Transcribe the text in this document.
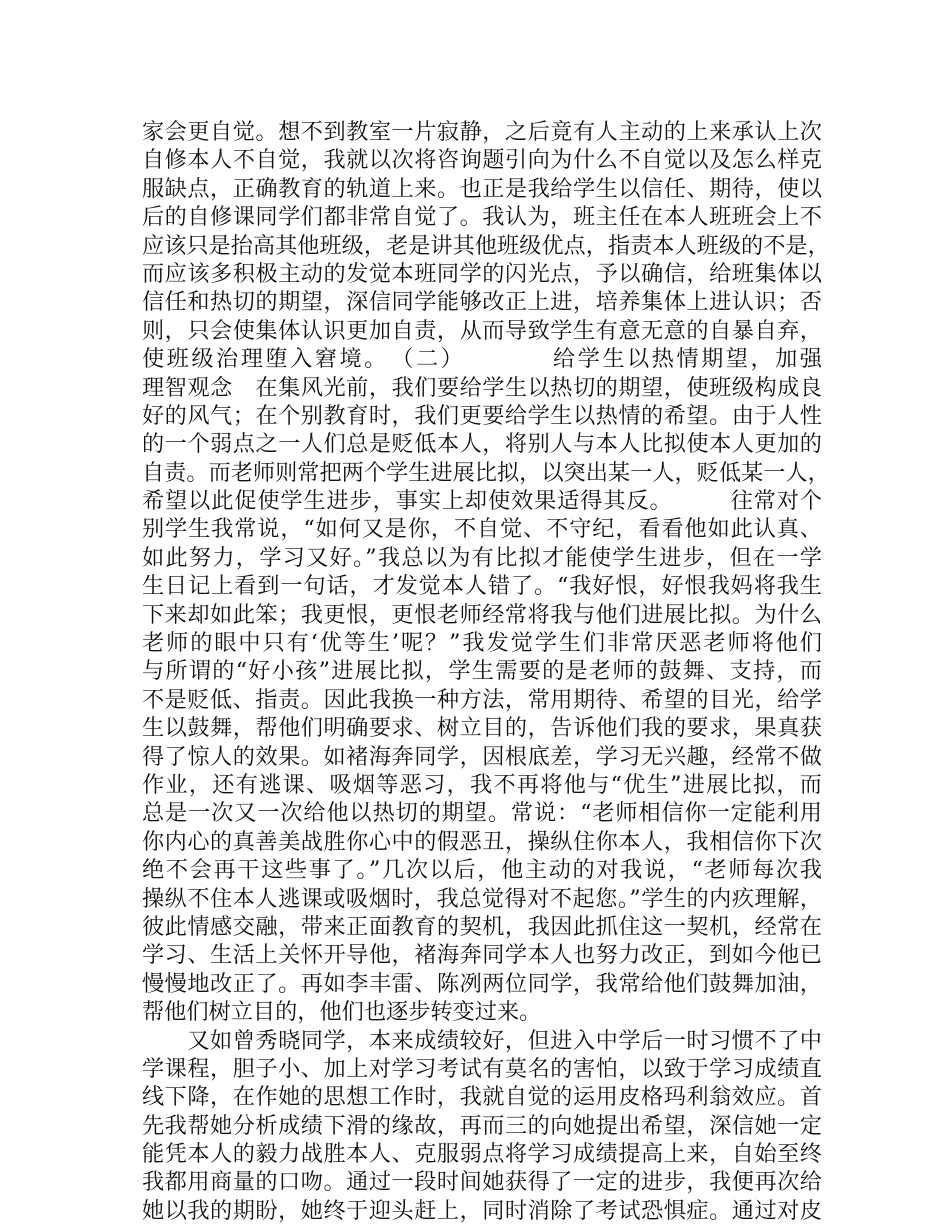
家会更自觉。想不到教室一片寂静，之后竟有人主动的上来承认上次
自修本人不自觉，我就以次将咨询题引向为什么不自觉以及怎么样克
服缺点，正确教育的轨道上来。也正是我给学生以信任、期待，使以
后的自修课同学们都非常自觉了。我认为，班主任在本人班班会上不
应该只是抬高其他班级，老是讲其他班级优点，指责本人班级的不是，
而应该多积极主动的发觉本班同学的闪光点，予以确信，给班集体以
信任和热切的期望，深信同学能够改正上进，培养集体上进认识；否
则，只会使集体认识更加自责，从而导致学生有意无意的自暴自弃，
使班级治理堕入窘境。　（二）　　　　给学生以热情期望，加强
理智观念　在集风光前，我们要给学生以热切的期望，使班级构成良
好的风气；在个别教育时，我们更要给学生以热情的希望。由于人性
的一个弱点之一人们总是贬低本人，将别人与本人比拟使本人更加的
自责。而老师则常把两个学生进展比拟，以突出某一人，贬低某一人，
希望以此促使学生进步，事实上却使效果适得其反。　　　往常对个
别学生我常说，“如何又是你，不自觉、不守纪，看看他如此认真、
如此努力，学习又好。”我总以为有比拟才能使学生进步，但在一学
生日记上看到一句话，才发觉本人错了。“我好恨，好恨我妈将我生
下来却如此笨；我更恨，更恨老师经常将我与他们进展比拟。为什么
老师的眼中只有‘优等生’呢？”我发觉学生们非常厌恶老师将他们
与所谓的“好小孩”进展比拟，学生需要的是老师的鼓舞、支持，而
不是贬低、指责。因此我换一种方法，常用期待、希望的目光，给学
生以鼓舞，帮他们明确要求、树立目的，告诉他们我的要求，果真获
得了惊人的效果。如褚海奔同学，因根底差，学习无兴趣，经常不做
作业，还有逃课、吸烟等恶习，我不再将他与“优生”进展比拟，而
总是一次又一次给他以热切的期望。常说：“老师相信你一定能利用
你内心的真善美战胜你心中的假恶丑，操纵住你本人，我相信你下次
绝不会再干这些事了。”几次以后，他主动的对我说，“老师每次我
操纵不住本人逃课或吸烟时，我总觉得对不起您。”学生的内疚理解，
彼此情感交融，带来正面教育的契机，我因此抓住这一契机，经常在
学习、生活上关怀开导他，褚海奔同学本人也努力改正，到如今他已
慢慢地改正了。再如李丰雷、陈冽两位同学，我常给他们鼓舞加油，
帮他们树立目的，他们也逐步转变过来。
　　又如曾秀晓同学，本来成绩较好，但进入中学后一时习惯不了中
学课程，胆子小、加上对学习考试有莫名的害怕，以致于学习成绩直
线下降，在作她的思想工作时，我就自觉的运用皮格玛利翁效应。首
先我帮她分析成绩下滑的缘故，再而三的向她提出希望，深信她一定
能凭本人的毅力战胜本人、克服弱点将学习成绩提高上来，自始至终
我都用商量的口吻。通过一段时间她获得了一定的进步，我便再次给
她以我的期盼，她终于迎头赶上，同时消除了考试恐惧症。通过对皮
